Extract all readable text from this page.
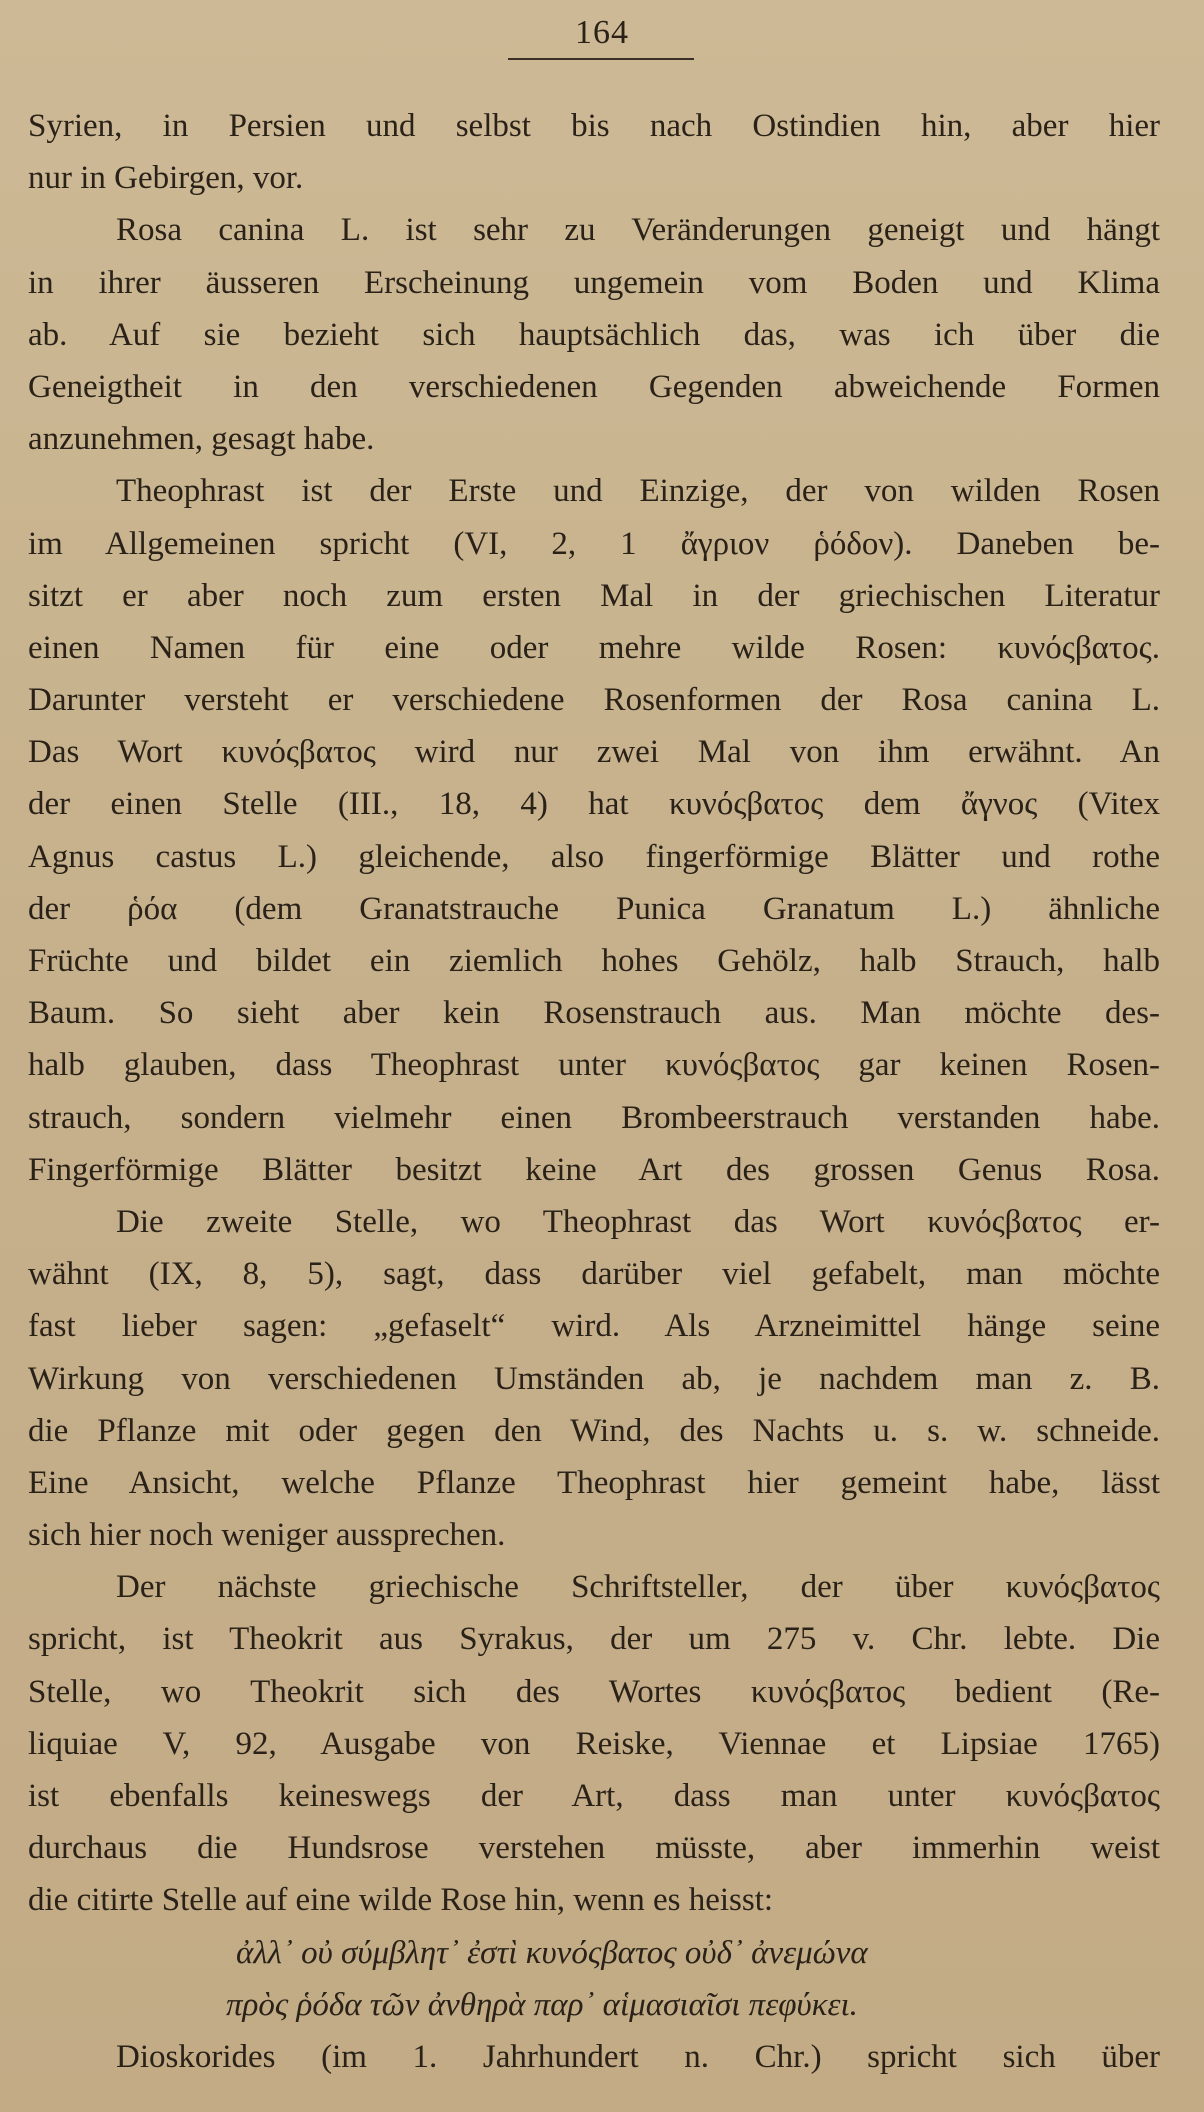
164
Syrien, in Persien und selbst bis nach Ostindien hin, aber hier
nur in Gebirgen, vor.
Rosa canina L. ist sehr zu Veränderungen geneigt und hängt
in ihrer äusseren Erscheinung ungemein vom Boden und Klima
ab. Auf sie bezieht sich hauptsächlich das, was ich über die
Geneigtheit in den verschiedenen Gegenden abweichende Formen
anzunehmen, gesagt habe.
Theophrast ist der Erste und Einzige, der von wilden Rosen
im Allgemeinen spricht (VI, 2, 1 ἄγριον ῥόδον). Daneben be-
sitzt er aber noch zum ersten Mal in der griechischen Literatur
einen Namen für eine oder mehre wilde Rosen: κυνόςβατος.
Darunter versteht er verschiedene Rosenformen der Rosa canina L.
Das Wort κυνόςβατος wird nur zwei Mal von ihm erwähnt. An
der einen Stelle (III., 18, 4) hat κυνόςβατος dem ἄγνος (Vitex
Agnus castus L.) gleichende, also fingerförmige Blätter und rothe
der ῥόα (dem Granatstrauche Punica Granatum L.) ähnliche
Früchte und bildet ein ziemlich hohes Gehölz, halb Strauch, halb
Baum. So sieht aber kein Rosenstrauch aus. Man möchte des-
halb glauben, dass Theophrast unter κυνόςβατος gar keinen Rosen-
strauch, sondern vielmehr einen Brombeerstrauch verstanden habe.
Fingerförmige Blätter besitzt keine Art des grossen Genus Rosa.
Die zweite Stelle, wo Theophrast das Wort κυνόςβατος er-
wähnt (IX, 8, 5), sagt, dass darüber viel gefabelt, man möchte
fast lieber sagen: „gefaselt“ wird. Als Arzneimittel hänge seine
Wirkung von verschiedenen Umständen ab, je nachdem man z. B.
die Pflanze mit oder gegen den Wind, des Nachts u. s. w. schneide.
Eine Ansicht, welche Pflanze Theophrast hier gemeint habe, lässt
sich hier noch weniger aussprechen.
Der nächste griechische Schriftsteller, der über κυνόςβατος
spricht, ist Theokrit aus Syrakus, der um 275 v. Chr. lebte. Die
Stelle, wo Theokrit sich des Wortes κυνόςβατος bedient (Re-
liquiae V, 92, Ausgabe von Reiske, Viennae et Lipsiae 1765)
ist ebenfalls keineswegs der Art, dass man unter κυνόςβατος
durchaus die Hundsrose verstehen müsste, aber immerhin weist
die citirte Stelle auf eine wilde Rose hin, wenn es heisst:
ἀλλ᾽ οὐ σύμβλητ᾽ ἐστὶ κυνόςβατος οὐδ᾽ ἀνεμώνα
πρὸς ῥόδα τῶν ἀνθηρὰ παρ᾽ αἱμασιαῖσι πεφύκει.
Dioskorides (im 1. Jahrhundert n. Chr.) spricht sich über
